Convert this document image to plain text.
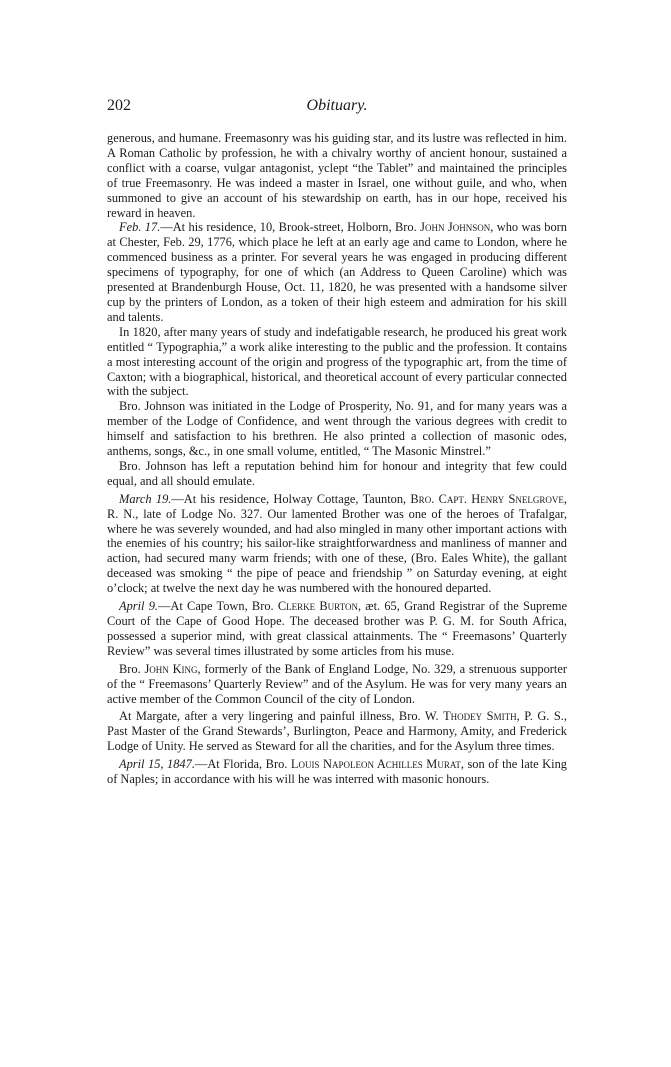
202	Obituary.

generous, and humane. Freemasonry was his guiding star, and its lustre was reflected in him. A Roman Catholic by profession, he with a chivalry worthy of ancient honour, sustained a conflict with a coarse, vulgar antagonist, yclept “the Tablet” and maintained the principles of true Freemasonry. He was indeed a master in Israel, one without guile, and who, when summoned to give an account of his stewardship on earth, has in our hope, received his reward in heaven.

Feb. 17.—At his residence, 10, Brook-street, Holborn, Bro. John Johnson, who was born at Chester, Feb. 29, 1776, which place he left at an early age and came to London, where he commenced business as a printer. For several years he was engaged in producing different specimens of typography, for one of which (an Address to Queen Caroline) which was presented at Brandenburgh House, Oct. 11, 1820, he was presented with a handsome silver cup by the printers of London, as a token of their high esteem and admiration for his skill and talents.

In 1820, after many years of study and indefatigable research, he produced his great work entitled “ Typographia,” a work alike interesting to the public and the profession. It contains a most interesting account of the origin and progress of the typographic art, from the time of Caxton; with a biographical, historical, and theoretical account of every particular connected with the subject.

Bro. Johnson was initiated in the Lodge of Prosperity, No. 91, and for many years was a member of the Lodge of Confidence, and went through the various degrees with credit to himself and satisfaction to his brethren. He also printed a collection of masonic odes, anthems, songs, &c., in one small volume, entitled, “ The Masonic Minstrel.”

Bro. Johnson has left a reputation behind him for honour and integrity that few could equal, and all should emulate.

March 19.—At his residence, Holway Cottage, Taunton, Bro. Capt. Henry Snelgrove, R. N., late of Lodge No. 327. Our lamented Brother was one of the heroes of Trafalgar, where he was severely wounded, and had also mingled in many other important actions with the enemies of his country; his sailor-like straightforwardness and manliness of manner and action, had secured many warm friends; with one of these, (Bro. Eales White), the gallant deceased was smoking “ the pipe of peace and friendship ” on Saturday evening, at eight o’clock; at twelve the next day he was numbered with the honoured departed.

April 9.—At Cape Town, Bro. Clerke Burton, æt. 65, Grand Registrar of the Supreme Court of the Cape of Good Hope. The deceased brother was P. G. M. for South Africa, possessed a superior mind, with great classical attainments. The “ Freemasons’ Quarterly Review” was several times illustrated by some articles from his muse.

Bro. John King, formerly of the Bank of England Lodge, No. 329, a strenuous supporter of the “ Freemasons’ Quarterly Review” and of the Asylum. He was for very many years an active member of the Common Council of the city of London.

At Margate, after a very lingering and painful illness, Bro. W. Thodey Smith, P. G. S., Past Master of the Grand Stewards’, Burlington, Peace and Harmony, Amity, and Frederick Lodge of Unity. He served as Steward for all the charities, and for the Asylum three times.

April 15, 1847.—At Florida, Bro. Louis Napoleon Achilles Murat, son of the late King of Naples; in accordance with his will he was interred with masonic honours.
